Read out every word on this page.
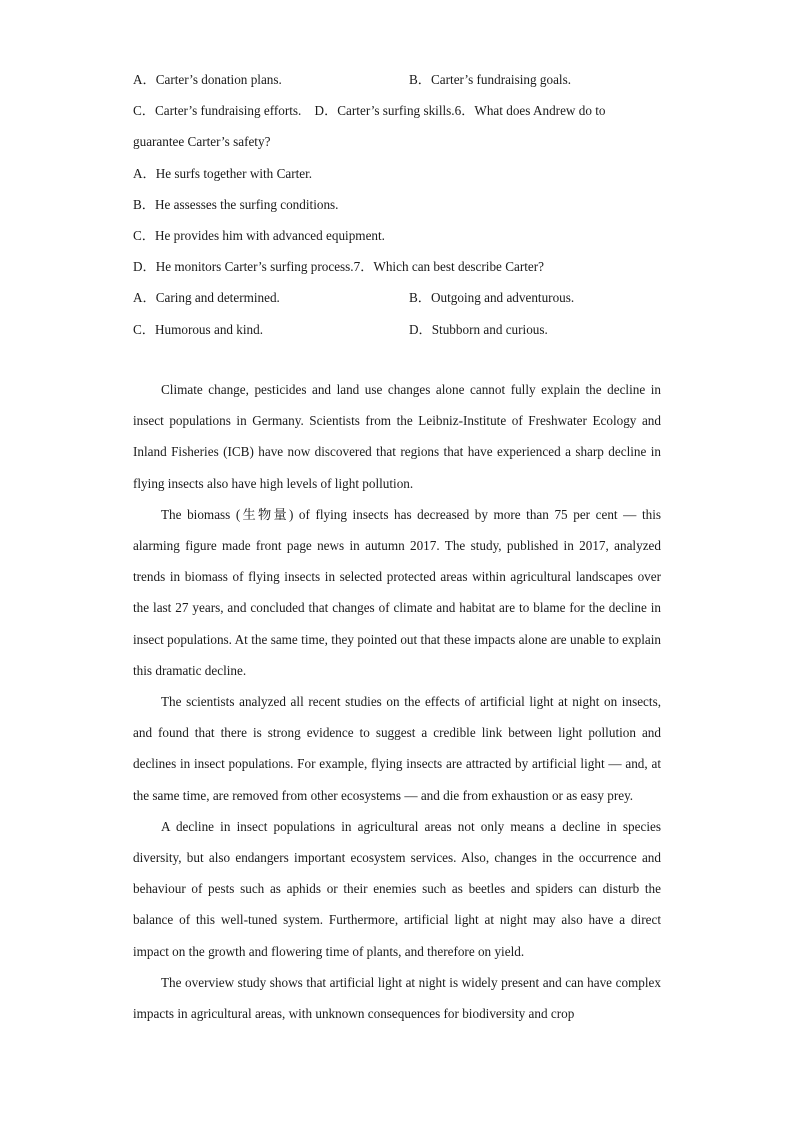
A．Carter’s donation plans.	B．Carter’s fundraising goals.
C．Carter’s fundraising efforts. D．Carter’s surfing skills.6．What does Andrew do to
guarantee Carter’s safety?
A．He surfs together with Carter.
B．He assesses the surfing conditions.
C．He provides him with advanced equipment.
D．He monitors Carter’s surfing process.7．Which can best describe Carter?
A．Caring and determined.	B．Outgoing and adventurous.
C．Humorous and kind.	D．Stubborn and curious.

Climate change, pesticides and land use changes alone cannot fully explain the decline in insect populations in Germany. Scientists from the Leibniz-Institute of Freshwater Ecology and Inland Fisheries (ICB) have now discovered that regions that have experienced a sharp decline in flying insects also have high levels of light pollution.

The biomass (生物量) of flying insects has decreased by more than 75 per cent — this alarming figure made front page news in autumn 2017. The study, published in 2017, analyzed trends in biomass of flying insects in selected protected areas within agricultural landscapes over the last 27 years, and concluded that changes of climate and habitat are to blame for the decline in insect populations. At the same time, they pointed out that these impacts alone are unable to explain this dramatic decline.

The scientists analyzed all recent studies on the effects of artificial light at night on insects, and found that there is strong evidence to suggest a credible link between light pollution and declines in insect populations. For example, flying insects are attracted by artificial light — and, at the same time, are removed from other ecosystems — and die from exhaustion or as easy prey.

A decline in insect populations in agricultural areas not only means a decline in species diversity, but also endangers important ecosystem services. Also, changes in the occurrence and behaviour of pests such as aphids or their enemies such as beetles and spiders can disturb the balance of this well-tuned system. Furthermore, artificial light at night may also have a direct impact on the growth and flowering time of plants, and therefore on yield.

The overview study shows that artificial light at night is widely present and can have complex impacts in agricultural areas, with unknown consequences for biodiversity and crop
